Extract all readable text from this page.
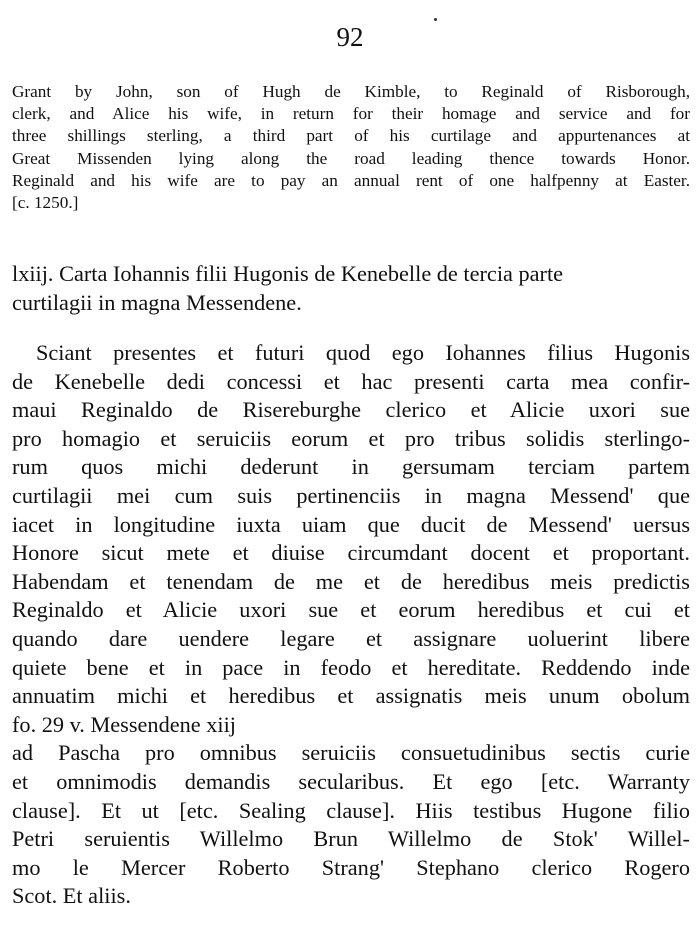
92
Grant by John, son of Hugh de Kimble, to Reginald of Risborough,
clerk, and Alice his wife, in return for their homage and service and for
three shillings sterling, a third part of his curtilage and appurtenances at
Great Missenden lying along the road leading thence towards Honor.
Reginald and his wife are to pay an annual rent of one halfpenny at Easter.
[c. 1250.]
lxiij. Carta Iohannis filii Hugonis de Kenebelle de tercia parte
curtilagii in magna Messendene.
Sciant presentes et futuri quod ego Iohannes filius Hugonis
de Kenebelle dedi concessi et hac presenti carta mea confir-
maui Reginaldo de Risereburghe clerico et Alicie uxori sue
pro homagio et seruiciis eorum et pro tribus solidis sterlingo-
rum quos michi dederunt in gersumam terciam partem
curtilagii mei cum suis pertinenciis in magna Messend' que
iacet in longitudine iuxta uiam que ducit de Messend' uersus
Honore sicut mete et diuise circumdant docent et proportant.
Habendam et tenendam de me et de heredibus meis predictis
Reginaldo et Alicie uxori sue et eorum heredibus et cui et
quando dare uendere legare et assignare uoluerint libere
quiete bene et in pace in feodo et hereditate. Reddendo inde
annuatim michi et heredibus et assignatis meis unum obolum
fo. 29 v. Messendene xiij
ad Pascha pro omnibus seruiciis consuetudinibus sectis curie
et omnimodis demandis secularibus. Et ego [etc. Warranty
clause]. Et ut [etc. Sealing clause]. Hiis testibus Hugone filio
Petri seruientis Willelmo Brun Willelmo de Stok' Willel-
mo le Mercer Roberto Strang' Stephano clerico Rogero
Scot. Et aliis.
